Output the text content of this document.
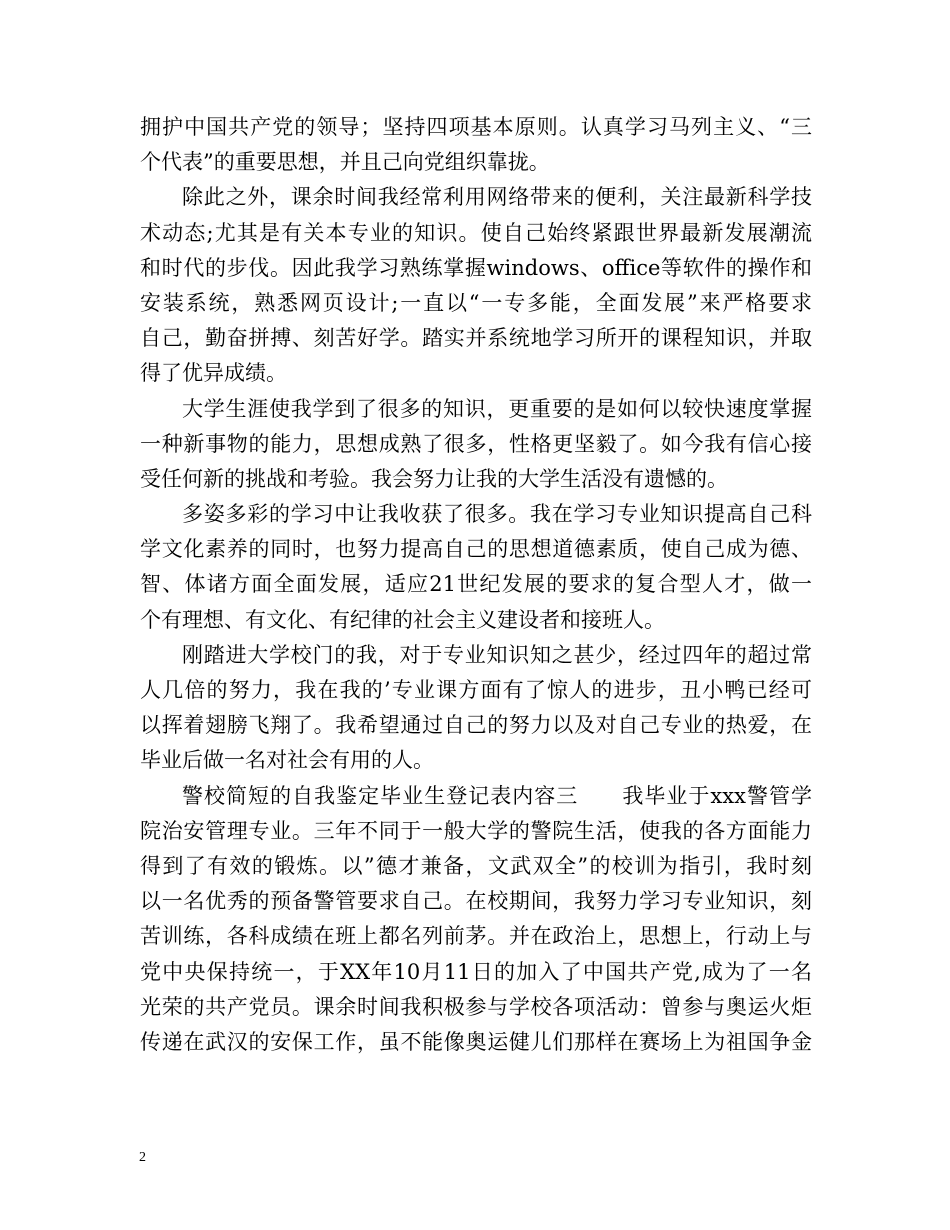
拥护中国共产党的领导；坚持四项基本原则。认真学习马列主义、“三
个代表”的重要思想，并且己向党组织靠拢。
除此之外，课余时间我经常利用网络带来的便利，关注最新科学技
术动态;尤其是有关本专业的知识。使自己始终紧跟世界最新发展潮流
和时代的步伐。因此我学习熟练掌握windows、office等软件的操作和
安装系统，熟悉网页设计;一直以“一专多能，全面发展”来严格要求
自己，勤奋拼搏、刻苦好学。踏实并系统地学习所开的课程知识，并取
得了优异成绩。
大学生涯使我学到了很多的知识，更重要的是如何以较快速度掌握
一种新事物的能力，思想成熟了很多，性格更坚毅了。如今我有信心接
受任何新的挑战和考验。我会努力让我的大学生活没有遗憾的。
多姿多彩的学习中让我收获了很多。我在学习专业知识提高自己科
学文化素养的同时，也努力提高自己的思想道德素质，使自己成为德、
智、体诸方面全面发展，适应21世纪发展的要求的复合型人才，做一
个有理想、有文化、有纪律的社会主义建设者和接班人。
刚踏进大学校门的我，对于专业知识知之甚少，经过四年的超过常
人几倍的努力，我在我的’专业课方面有了惊人的进步，丑小鸭已经可
以挥着翅膀飞翔了。我希望通过自己的努力以及对自己专业的热爱，在
毕业后做一名对社会有用的人。
警校简短的自我鉴定毕业生登记表内容三　　我毕业于xxx警管学
院治安管理专业。三年不同于一般大学的警院生活，使我的各方面能力
得到了有效的锻炼。以”德才兼备，文武双全”的校训为指引，我时刻
以一名优秀的预备警管要求自己。在校期间，我努力学习专业知识，刻
苦训练，各科成绩在班上都名列前茅。并在政治上，思想上，行动上与
党中央保持统一，于XX年10月11日的加入了中国共产党,成为了一名
光荣的共产党员。课余时间我积极参与学校各项活动：曾参与奥运火炬
传递在武汉的安保工作，虽不能像奥运健儿们那样在赛场上为祖国争金
2
